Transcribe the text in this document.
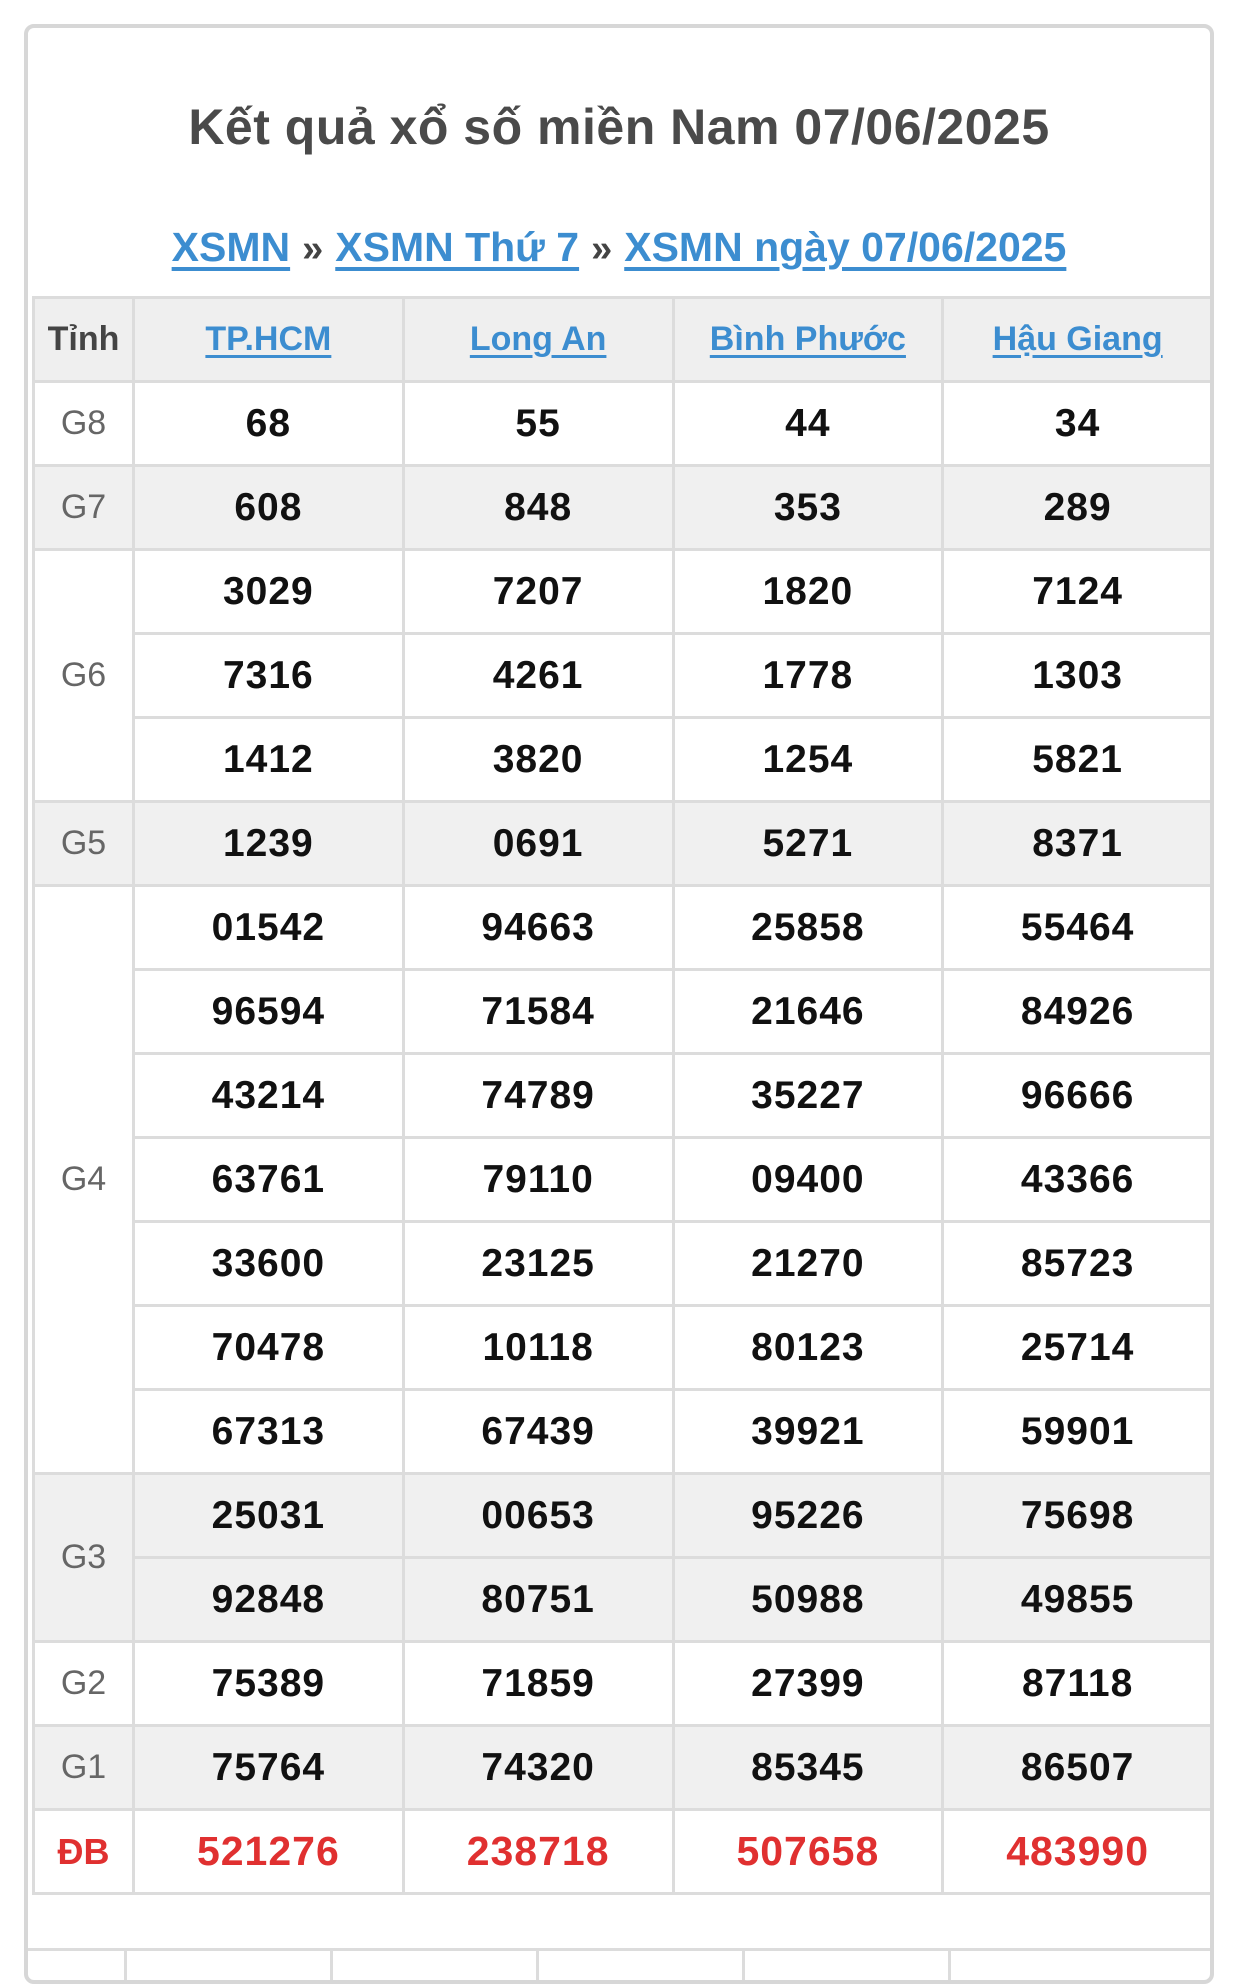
Kết quả xổ số miền Nam 07/06/2025
XSMN » XSMN Thứ 7 » XSMN ngày 07/06/2025
Tỉnh	TP.HCM	Long An	Bình Phước	Hậu Giang
G8	68	55	44	34
G7	608	848	353	289
G6	3029	7207	1820	7124
	7316	4261	1778	1303
	1412	3820	1254	5821
G5	1239	0691	5271	8371
G4	01542	94663	25858	55464
	96594	71584	21646	84926
	43214	74789	35227	96666
	63761	79110	09400	43366
	33600	23125	21270	85723
	70478	10118	80123	25714
	67313	67439	39921	59901
G3	25031	00653	95226	75698
	92848	80751	50988	49855
G2	75389	71859	27399	87118
G1	75764	74320	85345	86507
ĐB	521276	238718	507658	483990
